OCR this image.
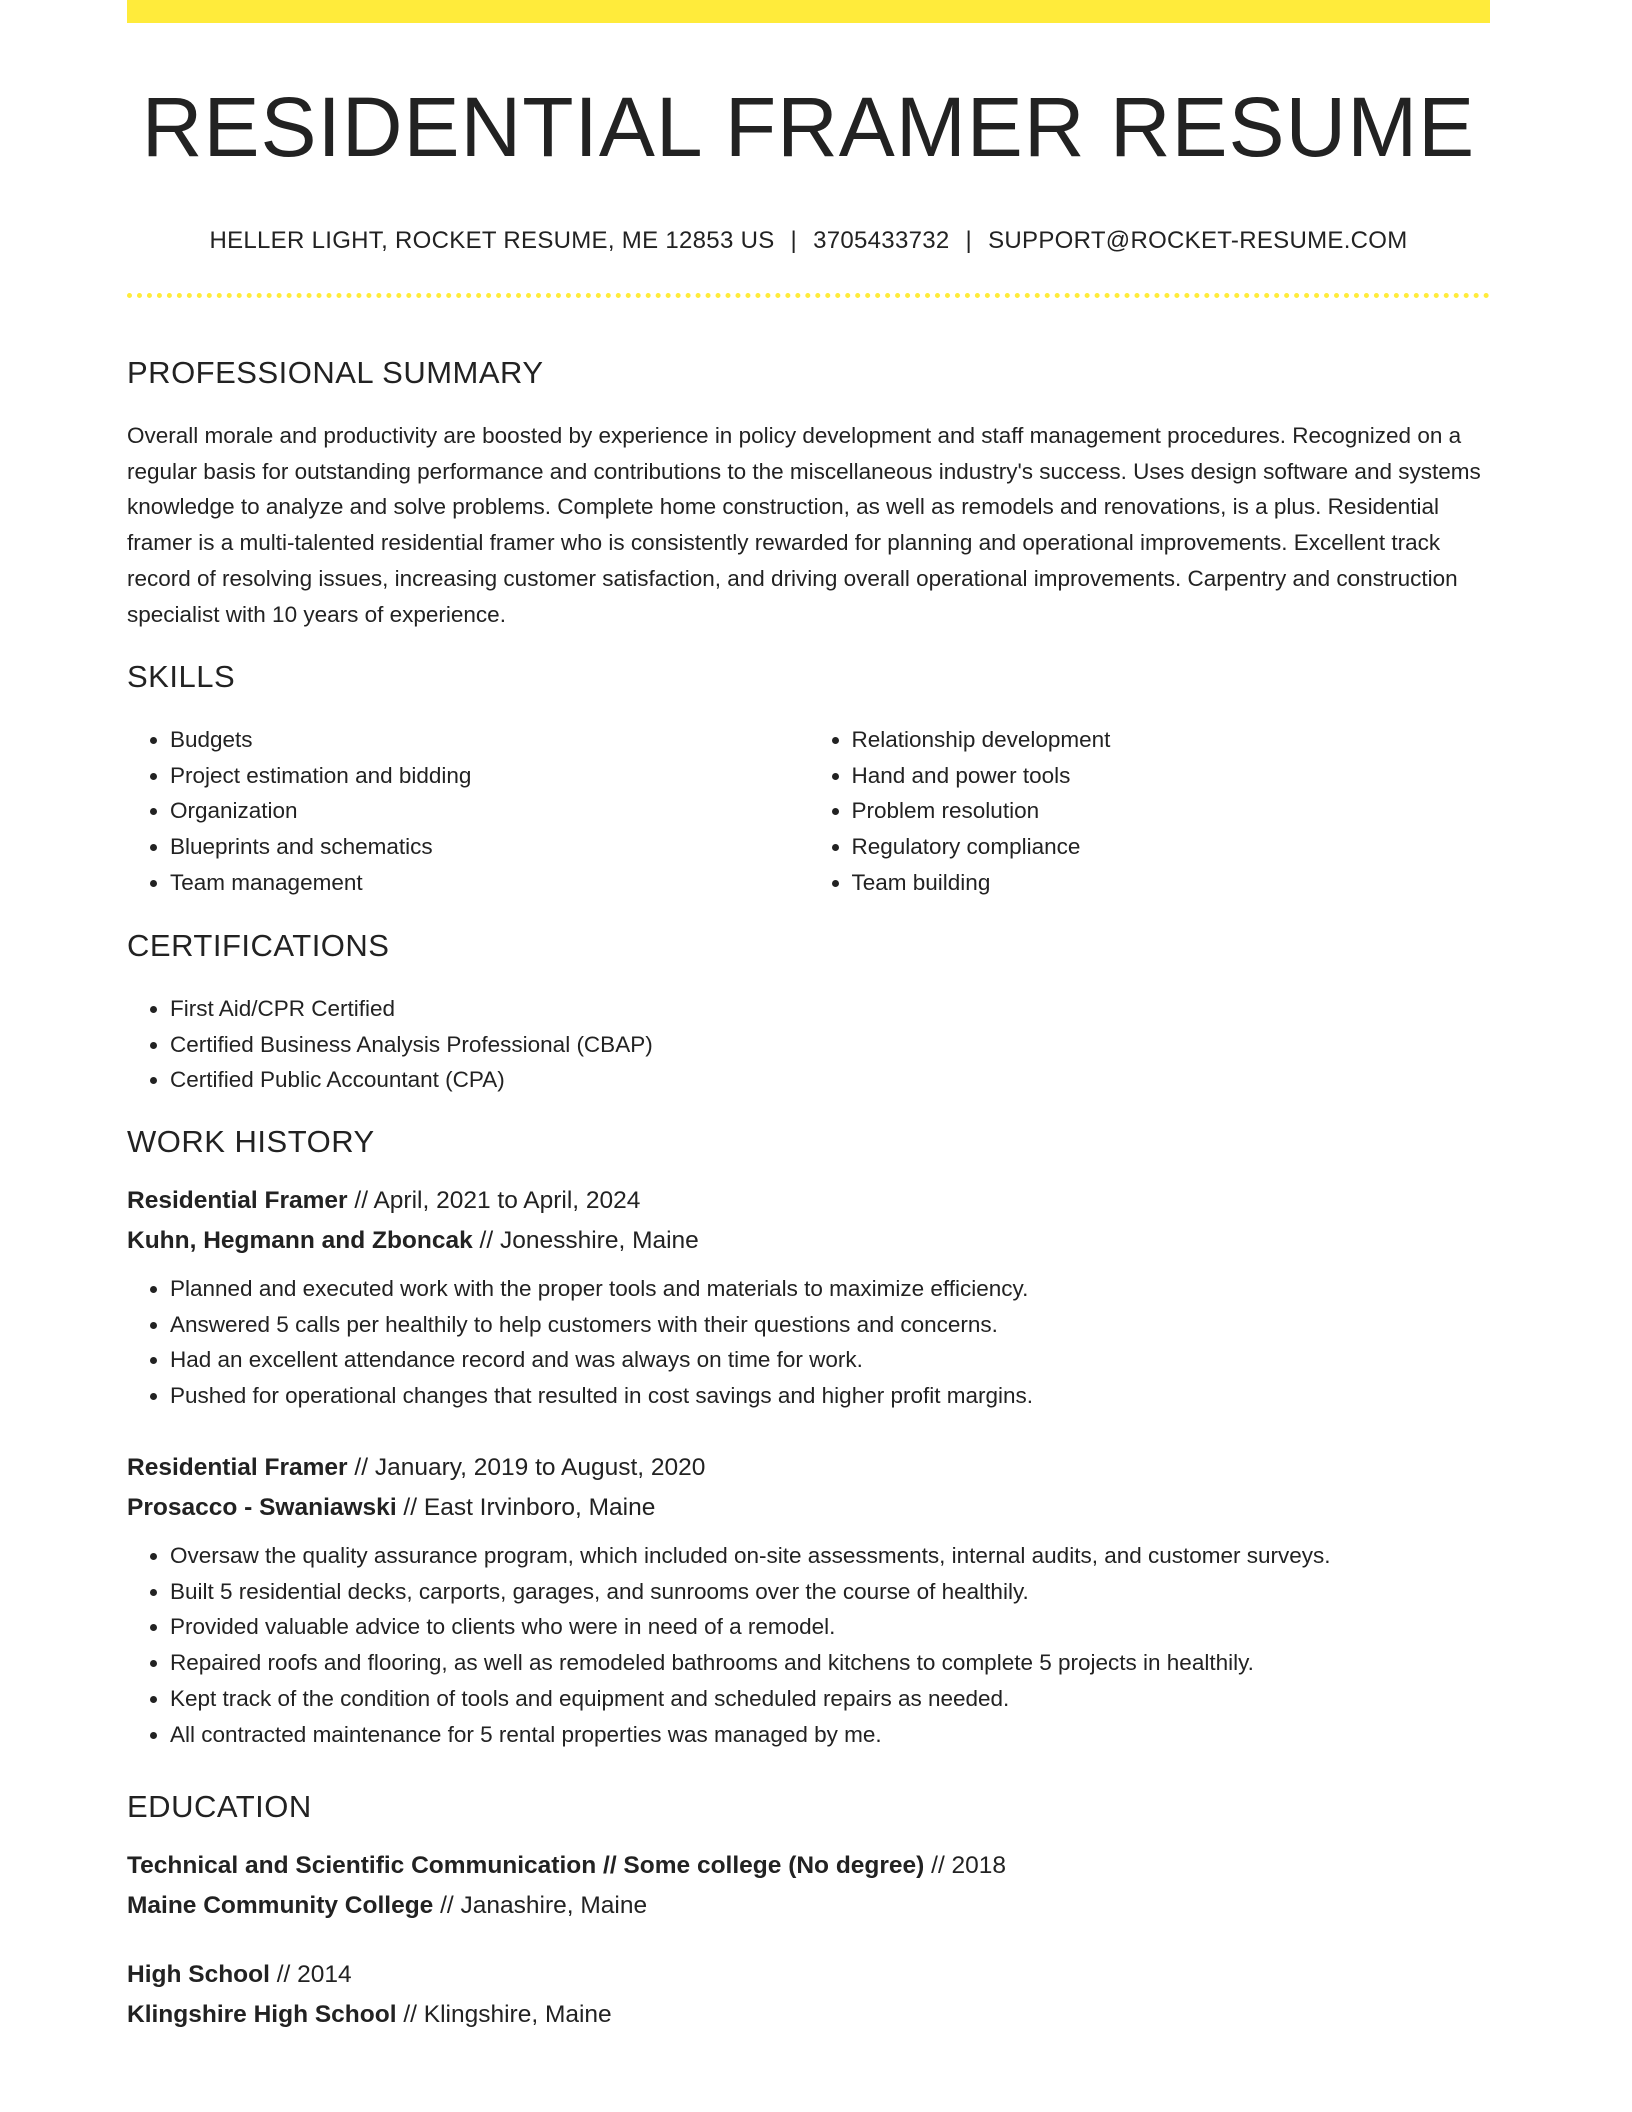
RESIDENTIAL FRAMER RESUME
HELLER LIGHT, ROCKET RESUME, ME 12853 US | 3705433732 | SUPPORT@ROCKET-RESUME.COM
PROFESSIONAL SUMMARY

Overall morale and productivity are boosted by experience in policy development and staff management procedures. Recognized on a regular basis for outstanding performance and contributions to the miscellaneous industry's success. Uses design software and systems knowledge to analyze and solve problems. Complete home construction, as well as remodels and renovations, is a plus. Residential framer is a multi-talented residential framer who is consistently rewarded for planning and operational improvements. Excellent track record of resolving issues, increasing customer satisfaction, and driving overall operational improvements. Carpentry and construction specialist with 10 years of experience.

SKILLS
• Budgets
• Project estimation and bidding
• Organization
• Blueprints and schematics
• Team management
• Relationship development
• Hand and power tools
• Problem resolution
• Regulatory compliance
• Team building
CERTIFICATIONS
• First Aid/CPR Certified
• Certified Business Analysis Professional (CBAP)
• Certified Public Accountant (CPA)
WORK HISTORY
Residential Framer // April, 2021 to April, 2024
Kuhn, Hegmann and Zboncak // Jonesshire, Maine
• Planned and executed work with the proper tools and materials to maximize efficiency.
• Answered 5 calls per healthily to help customers with their questions and concerns.
• Had an excellent attendance record and was always on time for work.
• Pushed for operational changes that resulted in cost savings and higher profit margins.
Residential Framer // January, 2019 to August, 2020
Prosacco - Swaniawski // East Irvinboro, Maine
• Oversaw the quality assurance program, which included on-site assessments, internal audits, and customer surveys.
• Built 5 residential decks, carports, garages, and sunrooms over the course of healthily.
• Provided valuable advice to clients who were in need of a remodel.
• Repaired roofs and flooring, as well as remodeled bathrooms and kitchens to complete 5 projects in healthily.
• Kept track of the condition of tools and equipment and scheduled repairs as needed.
• All contracted maintenance for 5 rental properties was managed by me.
EDUCATION
Technical and Scientific Communication // Some college (No degree) // 2018
Maine Community College // Janashire, Maine
High School // 2014
Klingshire High School // Klingshire, Maine
